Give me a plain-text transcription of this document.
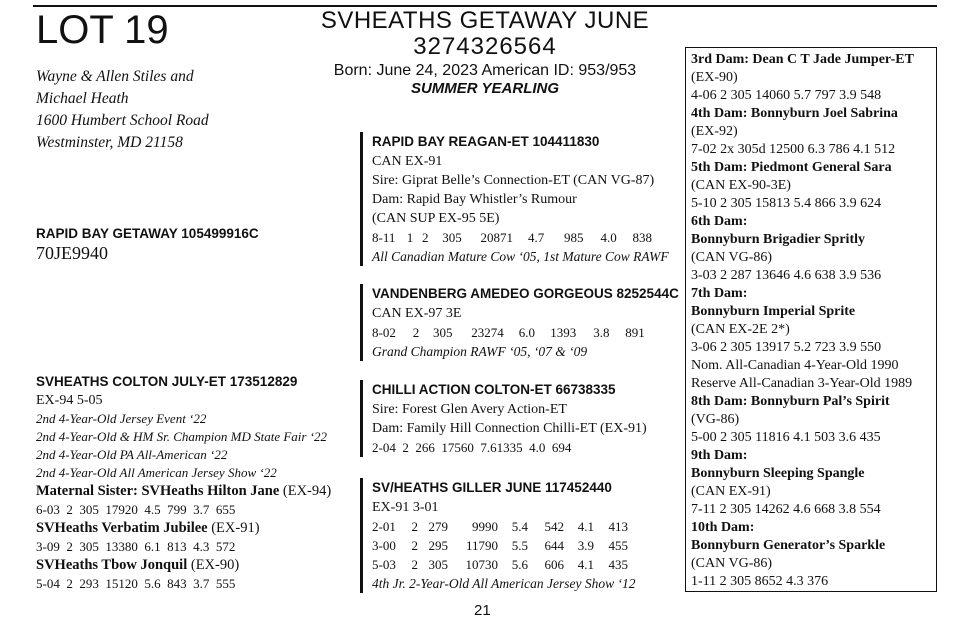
LOT 19	SVHEATHS GETAWAY JUNE
3274326564
Born: June 24, 2023 American ID: 953/953
SUMMER YEARLING
Wayne & Allen Stiles and
Michael Heath
1600 Humbert School Road
Westminster, MD 21158
RAPID BAY GETAWAY 105499916C
70JE9940
SVHEATHS COLTON JULY-ET 173512829
EX-94 5-05
2nd 4-Year-Old Jersey Event ‘22
2nd 4-Year-Old & HM Sr. Champion MD State Fair ‘22
2nd 4-Year-Old PA All-American ‘22
2nd 4-Year-Old All American Jersey Show ‘22
Maternal Sister: SVHeaths Hilton Jane (EX-94)
6-03  2  305  17920  4.5  799  3.7  655
SVHeaths Verbatim Jubilee (EX-91)
3-09  2  305  13380  6.1  813  4.3  572
SVHeaths Tbow Jonquil (EX-90)
5-04  2  293  15120  5.6  843  3.7  555
RAPID BAY REAGAN-ET 104411830
CAN EX-91
Sire: Giprat Belle’s Connection-ET (CAN VG-87)
Dam: Rapid Bay Whistler’s Rumour
(CAN SUP EX-95 5E)
8-11 1 2 305 20871 4.7 985 4.0 838
All Canadian Mature Cow ‘05, 1st Mature Cow RAWF
VANDENBERG AMEDEO GORGEOUS 8252544C
CAN EX-97 3E
8-02 2 305 23274 6.0 1393 3.8 891
Grand Champion RAWF ‘05, ‘07 & ‘09
CHILLI ACTION COLTON-ET 66738335
Sire: Forest Glen Avery Action-ET
Dam: Family Hill Connection Chilli-ET (EX-91)
2-04  2  266  17560  7.61335  4.0  694
SV/HEATHS GILLER JUNE 117452440
EX-91 3-01
2-01 2 279 9990 5.4 542 4.1 413
3-00 2 295 11790 5.5 644 3.9 455
5-03 2 305 10730 5.6 606 4.1 435
4th Jr. 2-Year-Old All American Jersey Show ‘12
3rd Dam: Dean C T Jade Jumper-ET
(EX-90)
4-06 2 305 14060 5.7 797 3.9 548
4th Dam: Bonnyburn Joel Sabrina
(EX-92)
7-02 2x 305d 12500 6.3 786 4.1 512
5th Dam: Piedmont General Sara
(CAN EX-90-3E)
5-10 2 305 15813 5.4 866 3.9 624
6th Dam:
Bonnyburn Brigadier Spritly
(CAN VG-86)
3-03 2 287 13646 4.6 638 3.9 536
7th Dam:
Bonnyburn Imperial Sprite
(CAN EX-2E 2*)
3-06 2 305 13917 5.2 723 3.9 550
Nom. All-Canadian 4-Year-Old 1990
Reserve All-Canadian 3-Year-Old 1989
8th Dam: Bonnyburn Pal’s Spirit
(VG-86)
5-00 2 305 11816 4.1 503 3.6 435
9th Dam:
Bonnyburn Sleeping Spangle
(CAN EX-91)
7-11 2 305 14262 4.6 668 3.8 554
10th Dam:
Bonnyburn Generator’s Sparkle
(CAN VG-86)
1-11 2 305 8652 4.3 376
21
